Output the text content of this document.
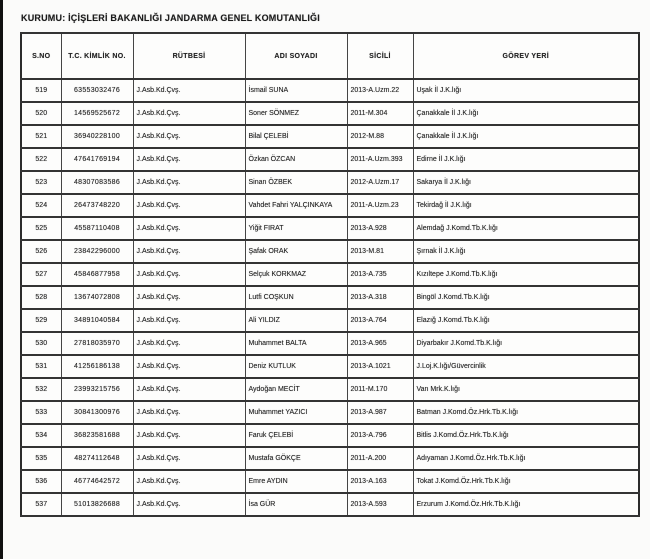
KURUMU: İÇİŞLERİ BAKANLIĞI JANDARMA GENEL KOMUTANLIĞI
S.NO	T.C. KİMLİK NO.	RÜTBESİ	ADI SOYADI	SİCİLİ	GÖREV YERİ
519	63553032476	J.Asb.Kd.Çvş.	İsmail SUNA	2013-A.Uzm.22	Uşak İl J.K.lığı
520	14569525672	J.Asb.Kd.Çvş.	Soner SÖNMEZ	2011-M.304	Çanakkale İl J.K.lığı
521	36940228100	J.Asb.Kd.Çvş.	Bilal ÇELEBİ	2012-M.88	Çanakkale İl J.K.lığı
522	47641769194	J.Asb.Kd.Çvş.	Özkan ÖZCAN	2011-A.Uzm.393	Edirne İl J.K.lığı
523	48307083586	J.Asb.Kd.Çvş.	Sinan ÖZBEK	2012-A.Uzm.17	Sakarya İl J.K.lığı
524	26473748220	J.Asb.Kd.Çvş.	Vahdet Fahri YALÇINKAYA	2011-A.Uzm.23	Tekirdağ İl J.K.lığı
525	45587110408	J.Asb.Kd.Çvş.	Yiğit FIRAT	2013-A.928	Alemdağ J.Komd.Tb.K.lığı
526	23842296000	J.Asb.Kd.Çvş.	Şafak ORAK	2013-M.81	Şırnak İl J.K.lığı
527	45846877958	J.Asb.Kd.Çvş.	Selçuk KORKMAZ	2013-A.735	Kızıltepe J.Komd.Tb.K.lığı
528	13674072808	J.Asb.Kd.Çvş.	Lutfi COŞKUN	2013-A.318	Bingöl J.Komd.Tb.K.lığı
529	34891040584	J.Asb.Kd.Çvş.	Ali YILDIZ	2013-A.764	Elazığ J.Komd.Tb.K.lığı
530	27818035970	J.Asb.Kd.Çvş.	Muhammet BALTA	2013-A.965	Diyarbakır J.Komd.Tb.K.lığı
531	41256186138	J.Asb.Kd.Çvş.	Deniz KUTLUK	2013-A.1021	J.Loj.K.lığı/Güvercinlik
532	23993215756	J.Asb.Kd.Çvş.	Aydoğan MECİT	2011-M.170	Van Mrk.K.lığı
533	30841300976	J.Asb.Kd.Çvş.	Muhammet YAZICI	2013-A.987	Batman J.Komd.Öz.Hrk.Tb.K.lığı
534	36823581688	J.Asb.Kd.Çvş.	Faruk ÇELEBİ	2013-A.796	Bitlis J.Komd.Öz.Hrk.Tb.K.lığı
535	48274112648	J.Asb.Kd.Çvş.	Mustafa GÖKÇE	2011-A.200	Adıyaman J.Komd.Öz.Hrk.Tb.K.lığı
536	46774642572	J.Asb.Kd.Çvş.	Emre AYDIN	2013-A.163	Tokat J.Komd.Öz.Hrk.Tb.K.lığı
537	51013826688	J.Asb.Kd.Çvş.	İsa GÜR	2013-A.593	Erzurum J.Komd.Öz.Hrk.Tb.K.lığı
